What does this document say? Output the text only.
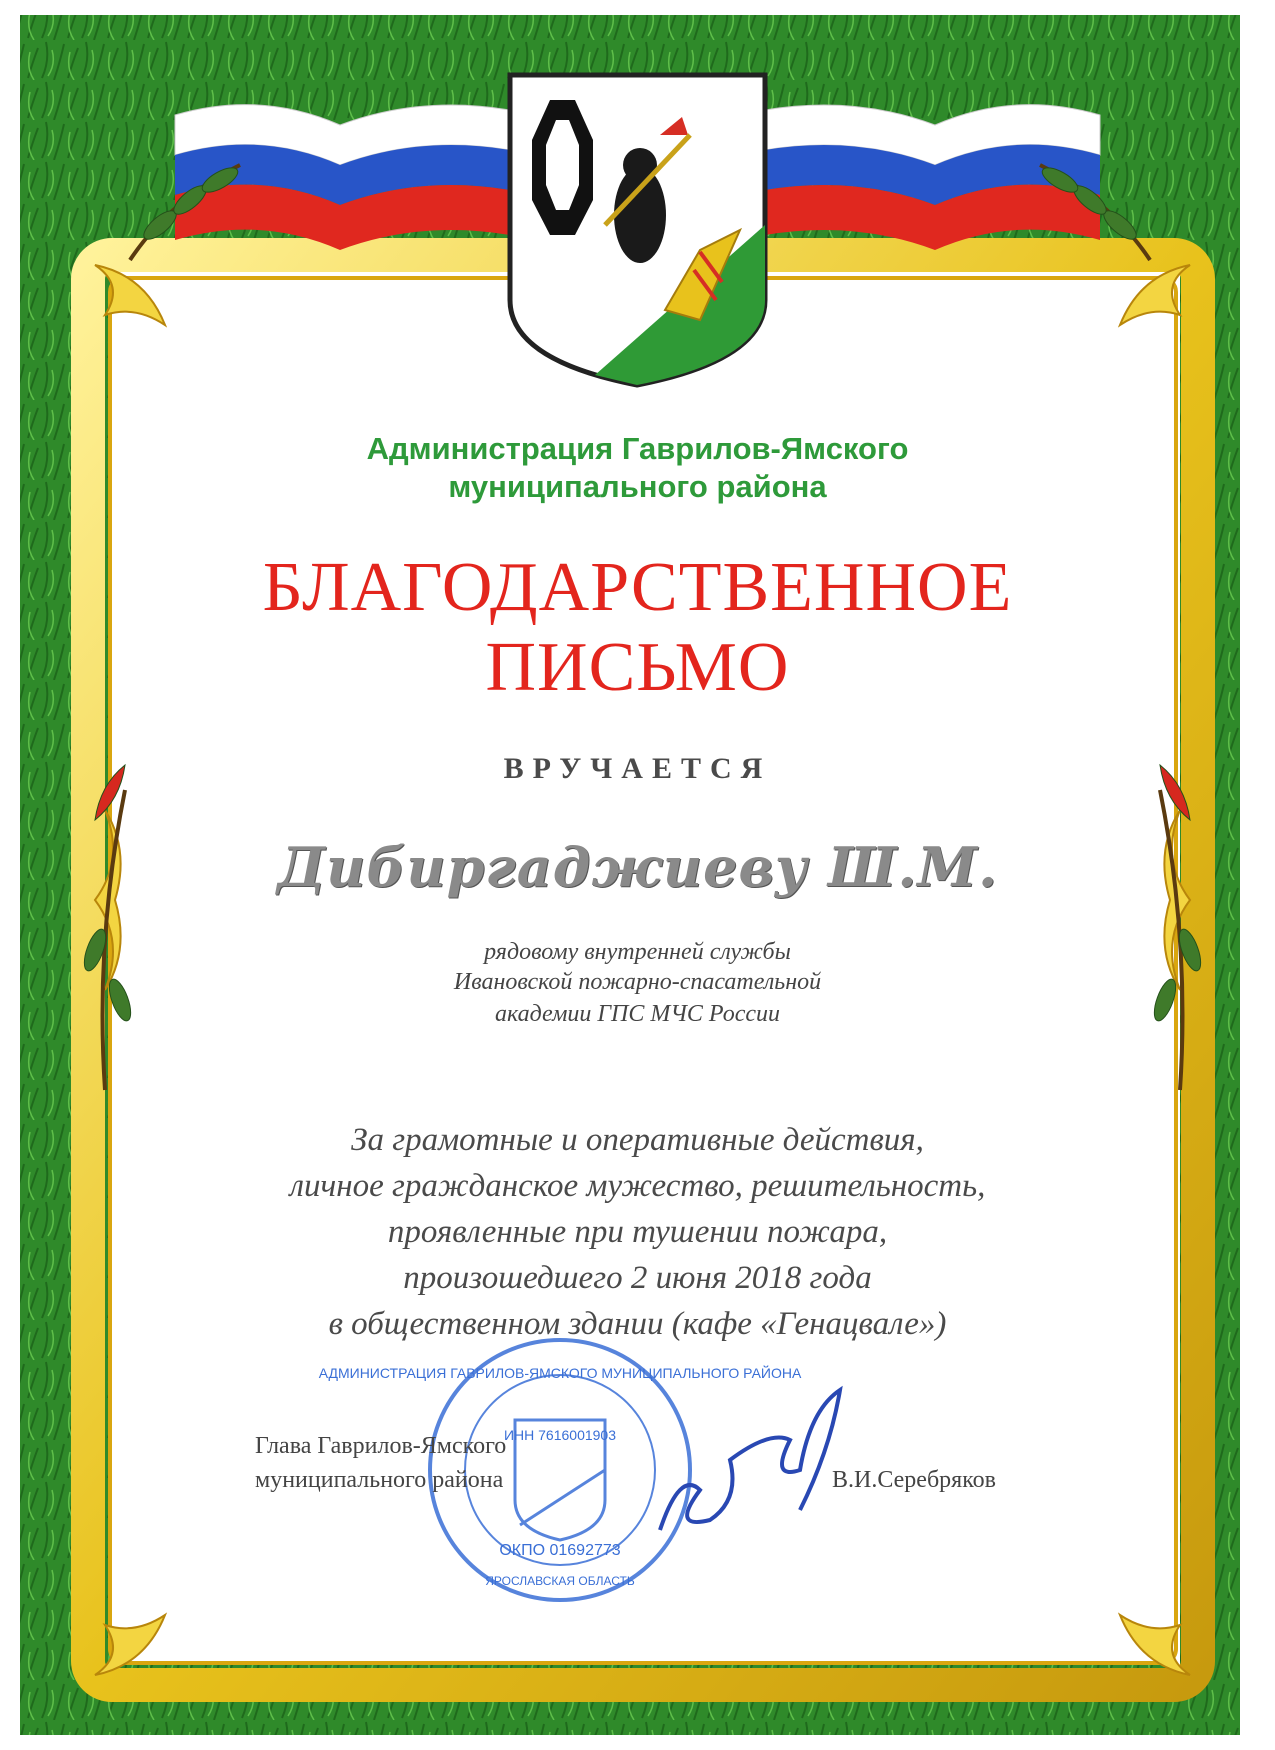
АДМИНИСТРАЦИЯ ГАВРИЛОВ-ЯМСКОГО МУНИЦИПАЛЬНОГО РАЙОНА
ИНН 7616001903
ОКПО 01692773
ЯРОСЛАВСКАЯ ОБЛАСТЬ
Администрация Гаврилов-Ямского
муниципального района
БЛАГОДАРСТВЕННОЕ
ПИСЬМО
ВРУЧАЕТСЯ
Дибиргаджиеву Ш.М.
рядовому внутренней службы
Ивановской пожарно-спасательной
академии ГПС МЧС России
За грамотные и оперативные действия,
личное гражданское мужество, решительность,
проявленные при тушении пожара,
произошедшего 2 июня 2018 года
в общественном здании (кафе «Генацвале»)
Глава Гаврилов-Ямского
муниципального района	В.И.Серебряков
